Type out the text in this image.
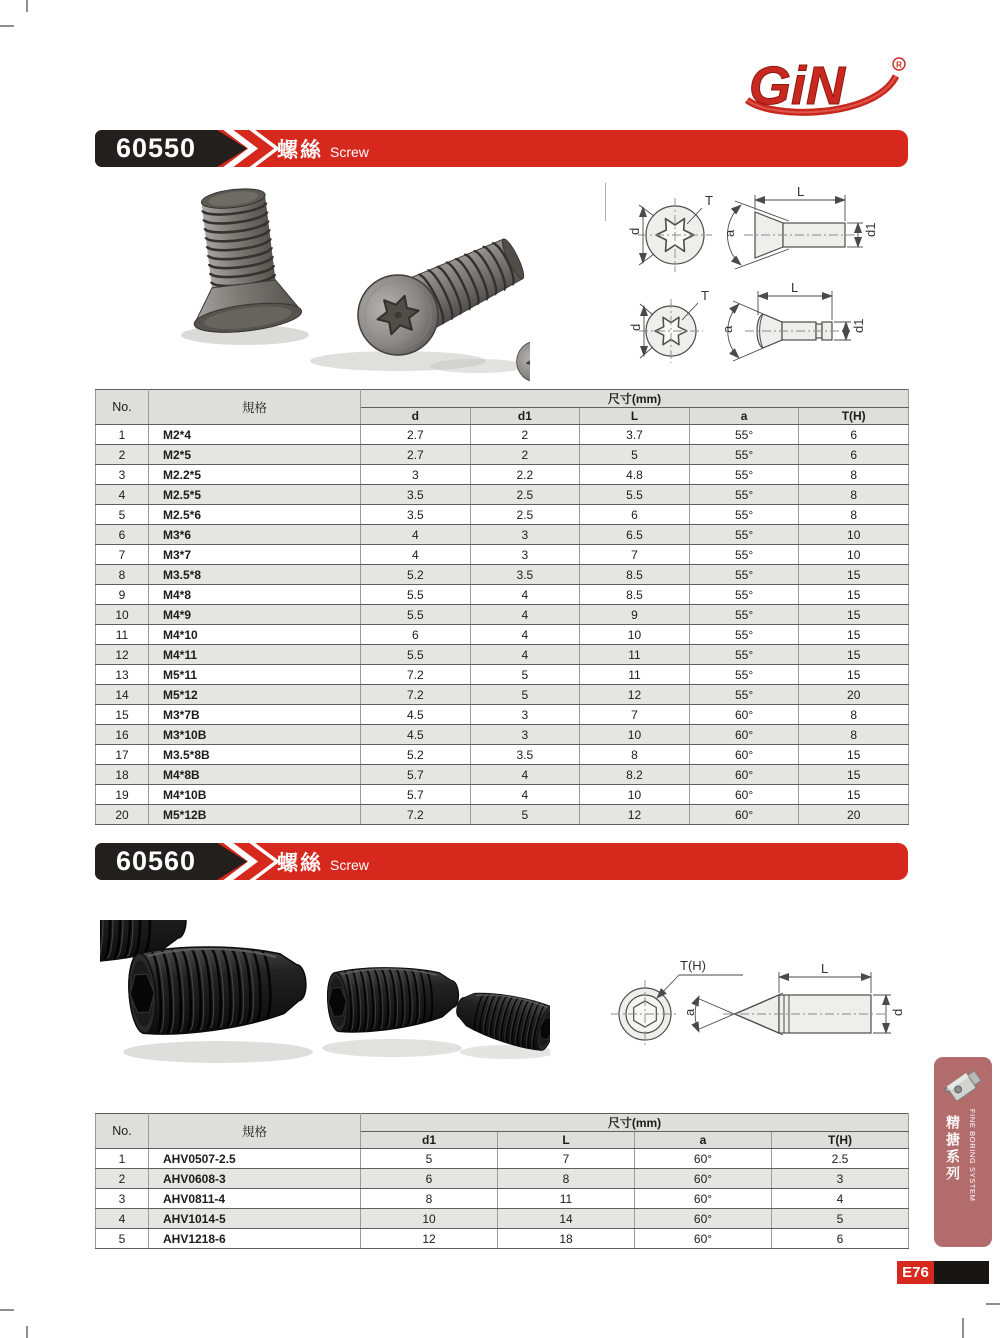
GiN	R
60550	螺絲 Screw
T
d
L
a	d1
T
d
L
a	d1
No.	規格	尺寸(mm)				
		d	d1	L	a	T(H)
1	M2*4	2.7	2	3.7	55°	6
2	M2*5	2.7	2	5	55°	6
3	M2.2*5	3	2.2	4.8	55°	8
4	M2.5*5	3.5	2.5	5.5	55°	8
5	M2.5*6	3.5	2.5	6	55°	8
6	M3*6	4	3	6.5	55°	10
7	M3*7	4	3	7	55°	10
8	M3.5*8	5.2	3.5	8.5	55°	15
9	M4*8	5.5	4	8.5	55°	15
10	M4*9	5.5	4	9	55°	15
11	M4*10	6	4	10	55°	15
12	M4*11	5.5	4	11	55°	15
13	M5*11	7.2	5	11	55°	15
14	M5*12	7.2	5	12	55°	20
15	M3*7B	4.5	3	7	60°	8
16	M3*10B	4.5	3	10	60°	8
17	M3.5*8B	5.2	3.5	8	60°	15
18	M4*8B	5.7	4	8.2	60°	15
19	M4*10B	5.7	4	10	60°	15
20	M5*12B	7.2	5	12	60°	20
60560	螺絲 Screw
T(H)	L
a	d
No.	規格	尺寸(mm)			
		d1	L	a	T(H)
1	AHV0507-2.5	5	7	60°	2.5
2	AHV0608-3	6	8	60°	3
3	AHV0811-4	8	11	60°	4
4	AHV1014-5	10	14	60°	5
5	AHV1218-6	12	18	60°	6
精搪系列 FINE BORING SYSTEM
E76
